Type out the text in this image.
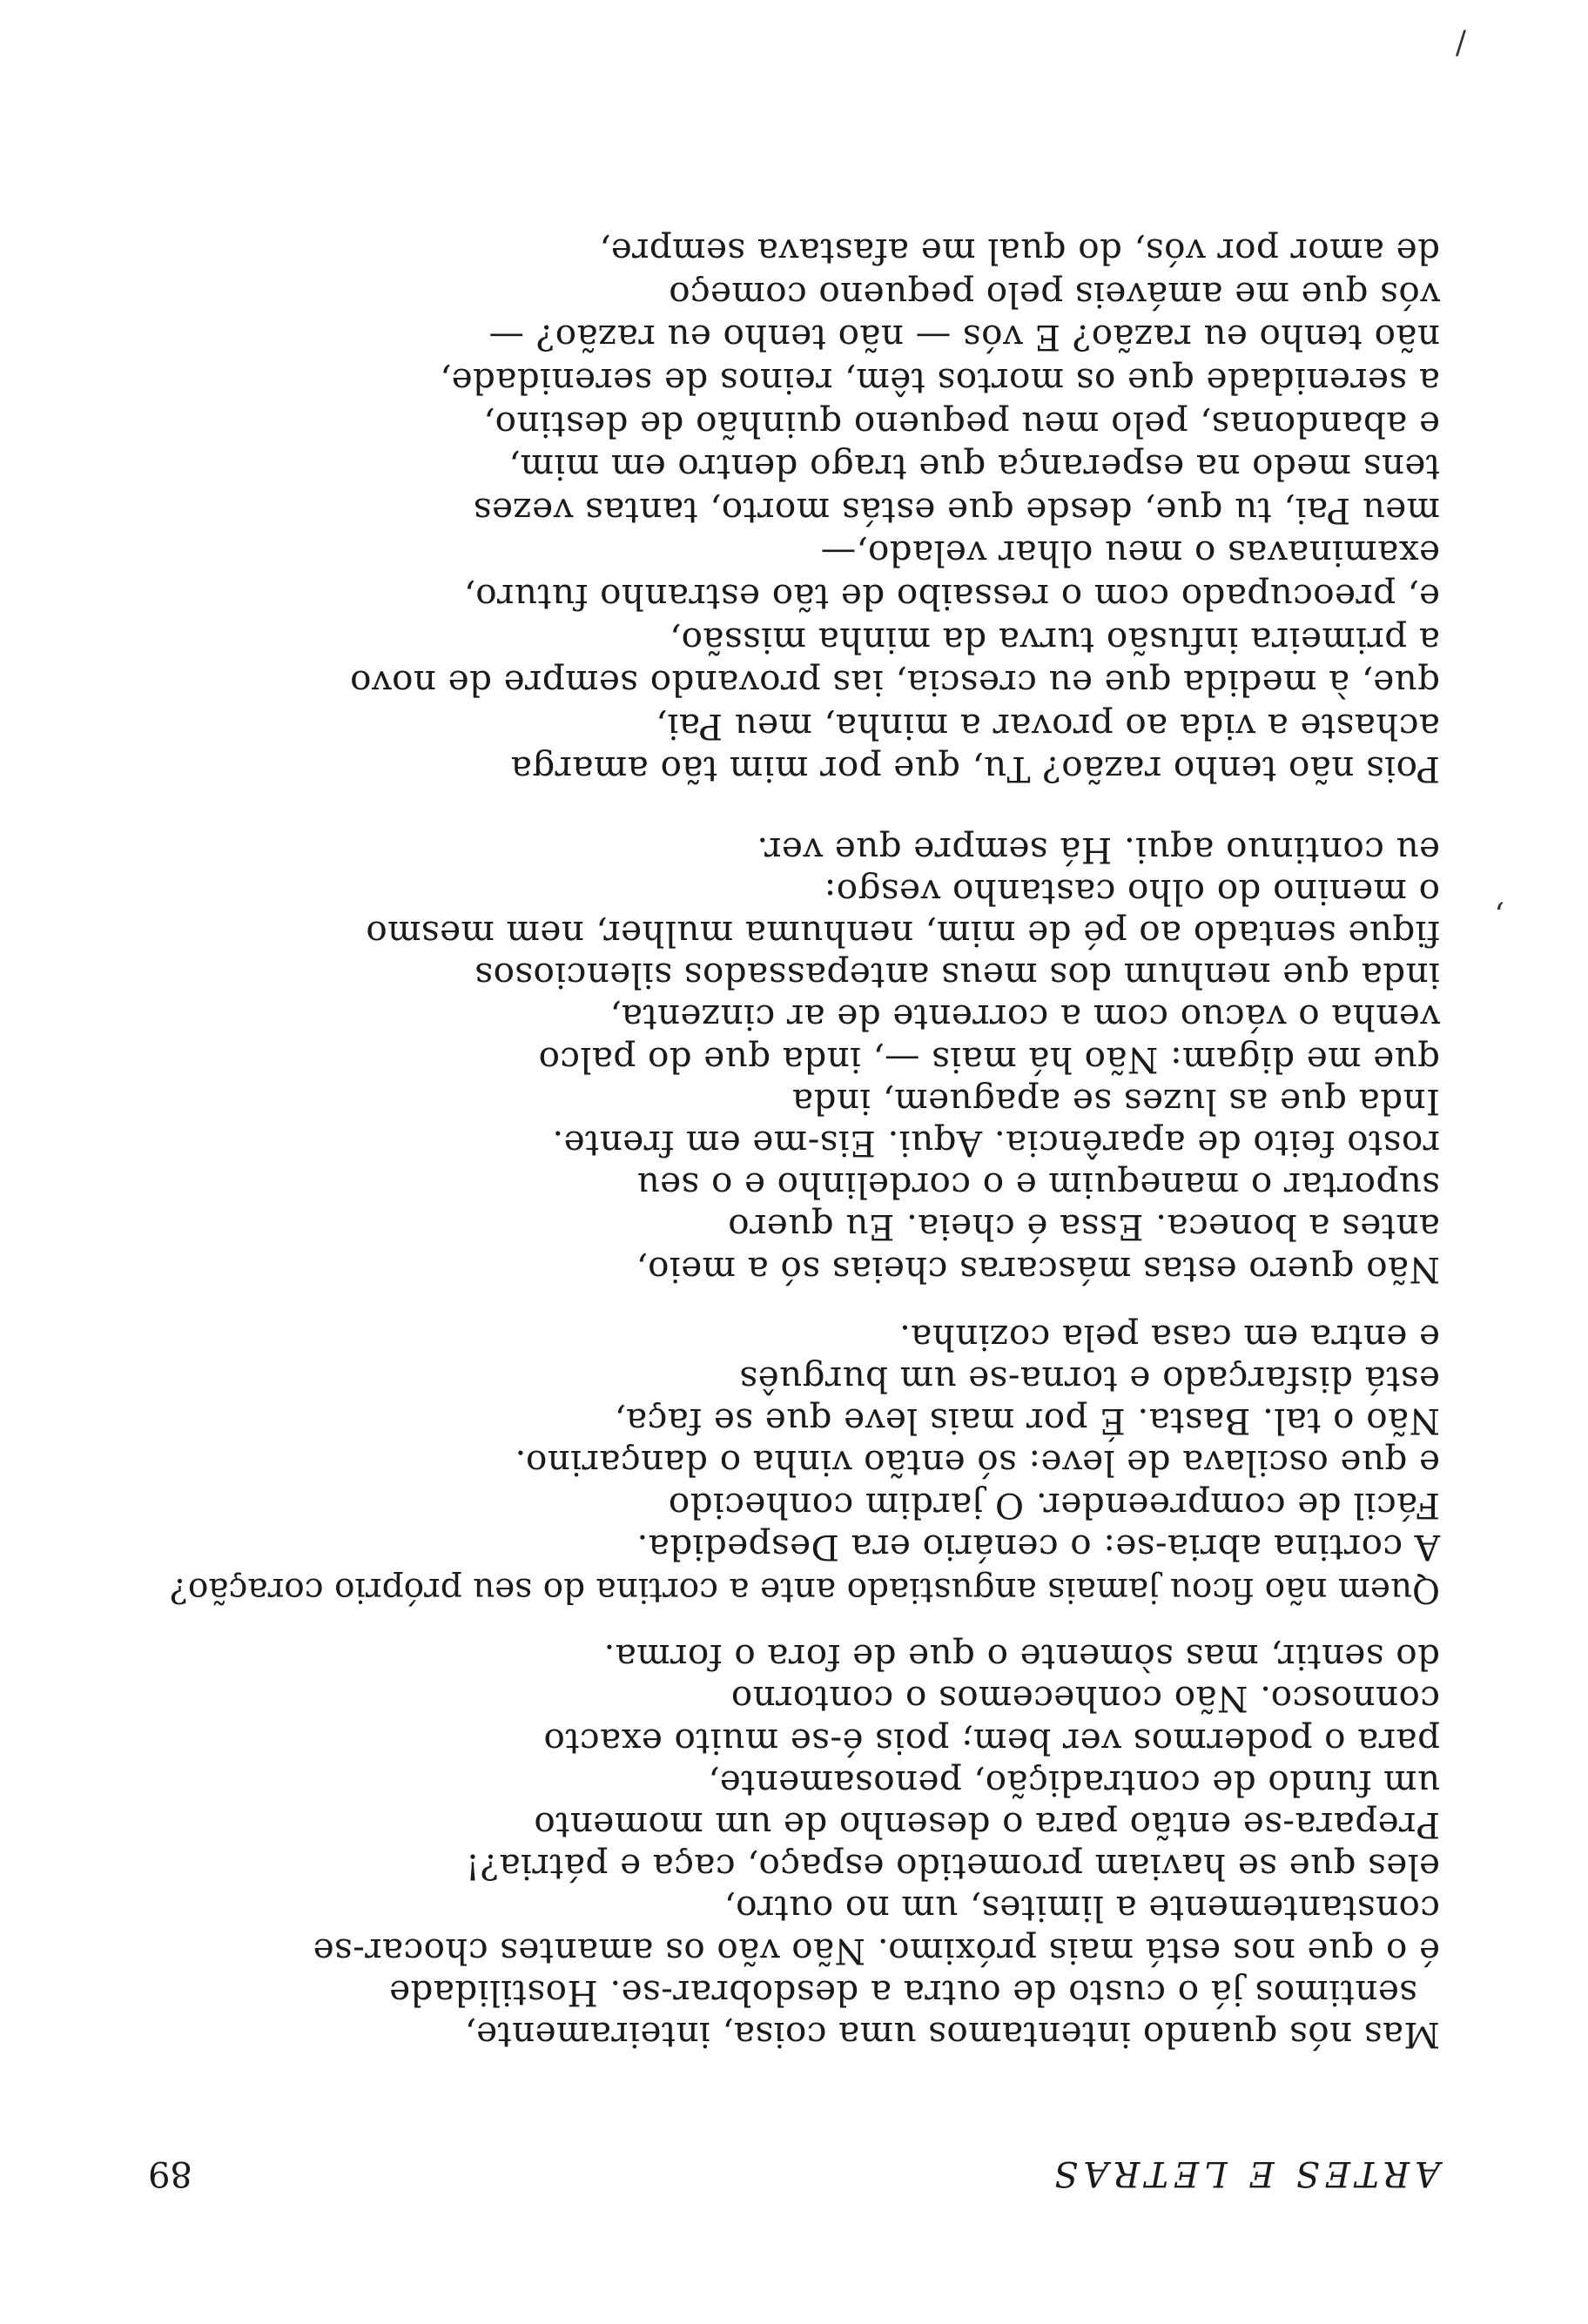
ARTES E LETRAS
89
Mas nós quando intentamos uma coisa, inteiramente,
sentimos já o custo de outra a desdobrar-se. Hostilidade
é o que nos está mais próximo. Não vão os amantes chocar-se
constantemente a limites, um no outro,
eles que se haviam prometido espaço, caça e pátria?!
Prepara-se então para o desenho de um momento
um fundo de contradição, penosamente,
para o podermos ver bem; pois é-se muito exacto
connosco. Não conhecemos o contorno
do sentir, mas sòmente o que de fora o forma.
Quem não ficou jamais angustiado ante a cortina do seu próprio coração?
A cortina abria-se: o cenário era Despedida.
Fácil de compreender. O jardim conhecido
e que oscilava de leve: só então vinha o dançarino.
Não o tal. Basta. É por mais leve que se faça,
está disfarçado e torna-se um burguês
e entra em casa pela cozinha.
Não quero estas máscaras cheias só a meio,
antes a boneca. Essa é cheia. Eu quero
suportar o manequim e o cordelinho e o seu
rosto feito de aparência. Aqui. Eis-me em frente.
Inda que as luzes se apaguem, inda
que me digam: Não há mais —, inda que do palco
venha o vácuo com a corrente de ar cinzenta,
inda que nenhum dos meus antepassados silenciosos
fique sentado ao pé de mim, nenhuma mulher, nem mesmo
o menino do olho castanho vesgo:
eu continuo aqui. Há sempre que ver.
Pois não tenho razão? Tu, que por mim tão amarga
achaste a vida ao provar a minha, meu Pai,
que, à medida que eu crescia, ias provando sempre de novo
a primeira infusão turva da minha missão,
e, preocupado com o ressaibo de tão estranho futuro,
examinavas o meu olhar velado,—
meu Pai, tu que, desde que estás morto, tantas vezes
tens medo na esperança que trago dentro em mim,
e abandonas, pelo meu pequeno quinhão de destino,
a serenidade que os mortos têm, reinos de serenidade,
não tenho eu razão? E vós — não tenho eu razão? —
vós que me amáveis pelo pequeno começo
de amor por vós, do qual me afastava sempre,
/
‚
